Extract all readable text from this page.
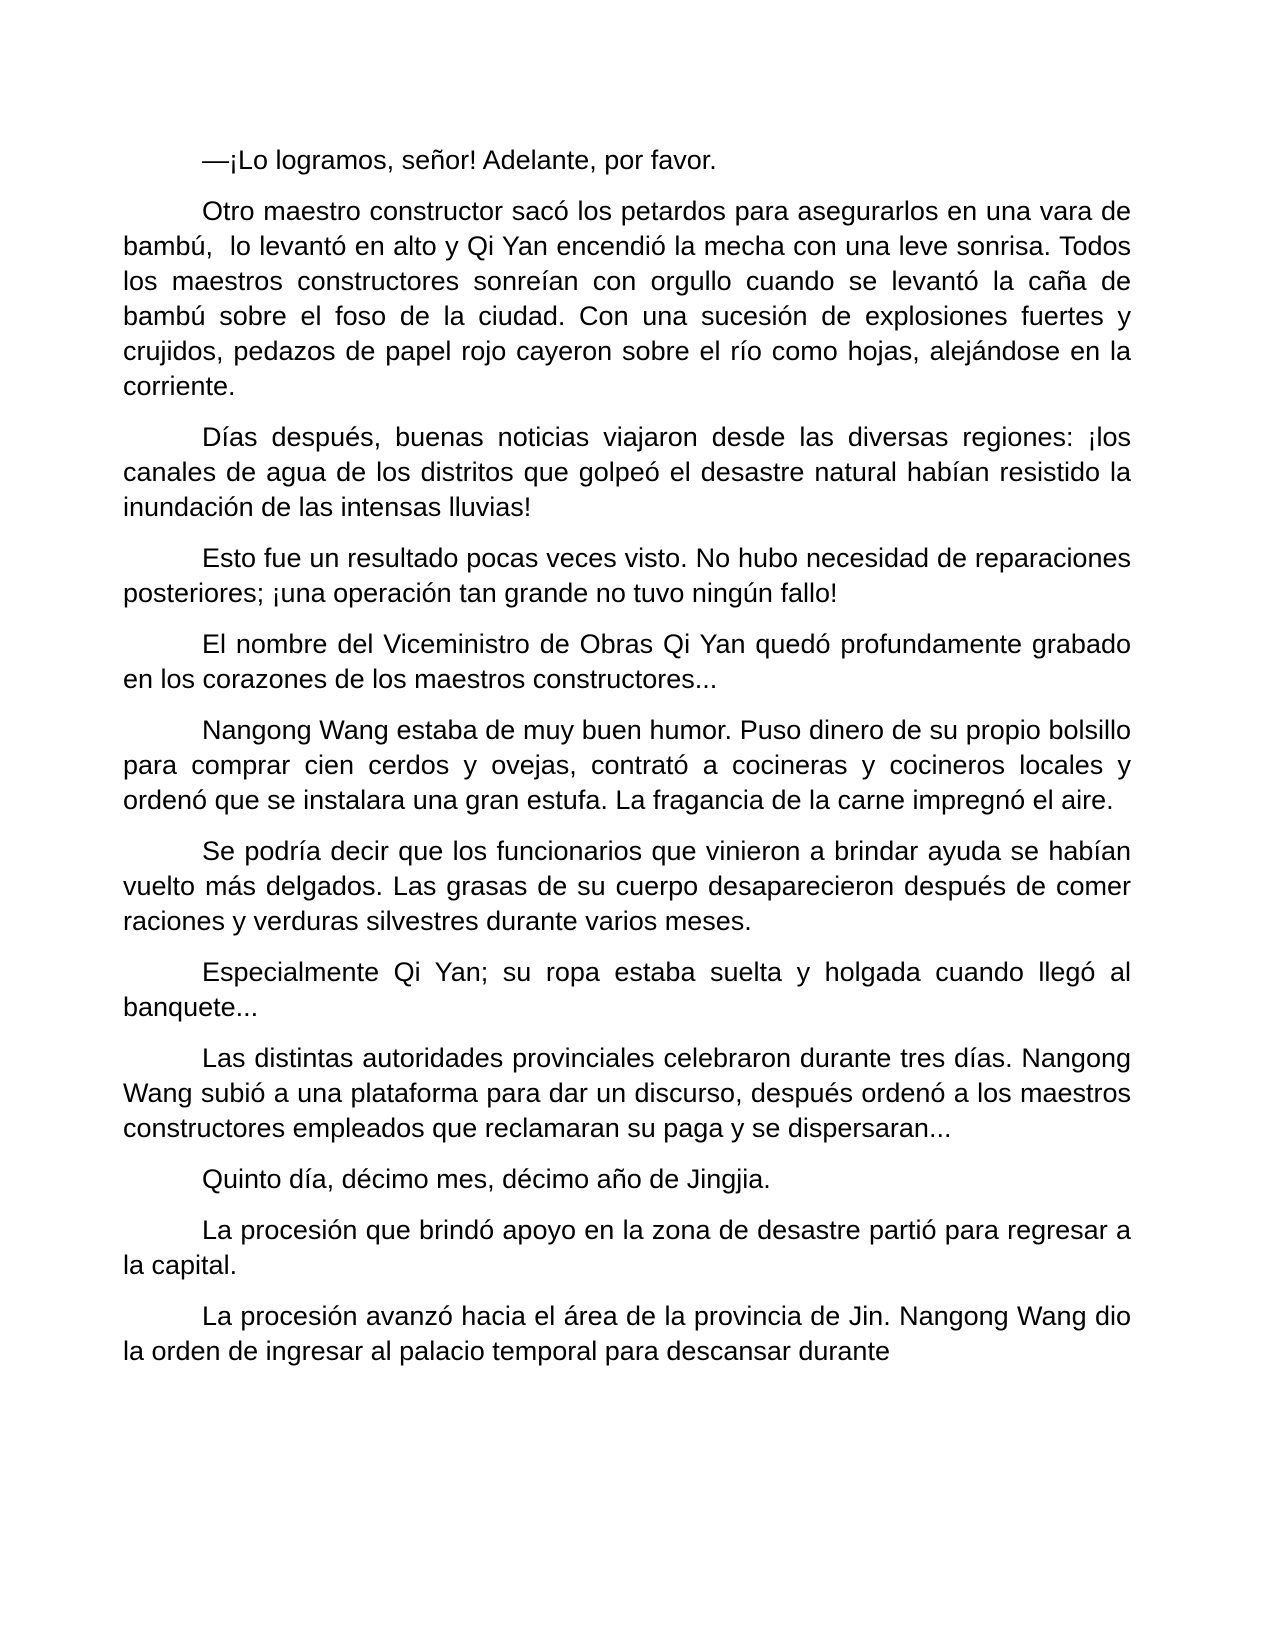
—¡Lo logramos, señor! Adelante, por favor.

Otro maestro constructor sacó los petardos para asegurarlos en una vara de bambú,  lo levantó en alto y Qi Yan encendió la mecha con una leve sonrisa. Todos los maestros constructores sonreían con orgullo cuando se levantó la caña de bambú sobre el foso de la ciudad. Con una sucesión de explosiones fuertes y crujidos, pedazos de papel rojo cayeron sobre el río como hojas, alejándose en la corriente.

Días después, buenas noticias viajaron desde las diversas regiones: ¡los canales de agua de los distritos que golpeó el desastre natural habían resistido la inundación de las intensas lluvias!

Esto fue un resultado pocas veces visto. No hubo necesidad de reparaciones posteriores; ¡una operación tan grande no tuvo ningún fallo!

El nombre del Viceministro de Obras Qi Yan quedó profundamente grabado en los corazones de los maestros constructores...

Nangong Wang estaba de muy buen humor. Puso dinero de su propio bolsillo para comprar cien cerdos y ovejas, contrató a cocineras y cocineros locales y ordenó que se instalara una gran estufa. La fragancia de la carne impregnó el aire.

Se podría decir que los funcionarios que vinieron a brindar ayuda se habían vuelto más delgados. Las grasas de su cuerpo desaparecieron después de comer raciones y verduras silvestres durante varios meses.

Especialmente Qi Yan; su ropa estaba suelta y holgada cuando llegó al banquete...

Las distintas autoridades provinciales celebraron durante tres días. Nangong Wang subió a una plataforma para dar un discurso, después ordenó a los maestros constructores empleados que reclamaran su paga y se dispersaran...

Quinto día, décimo mes, décimo año de Jingjia.

La procesión que brindó apoyo en la zona de desastre partió para regresar a la capital.

La procesión avanzó hacia el área de la provincia de Jin. Nangong Wang dio la orden de ingresar al palacio temporal para descansar durante
